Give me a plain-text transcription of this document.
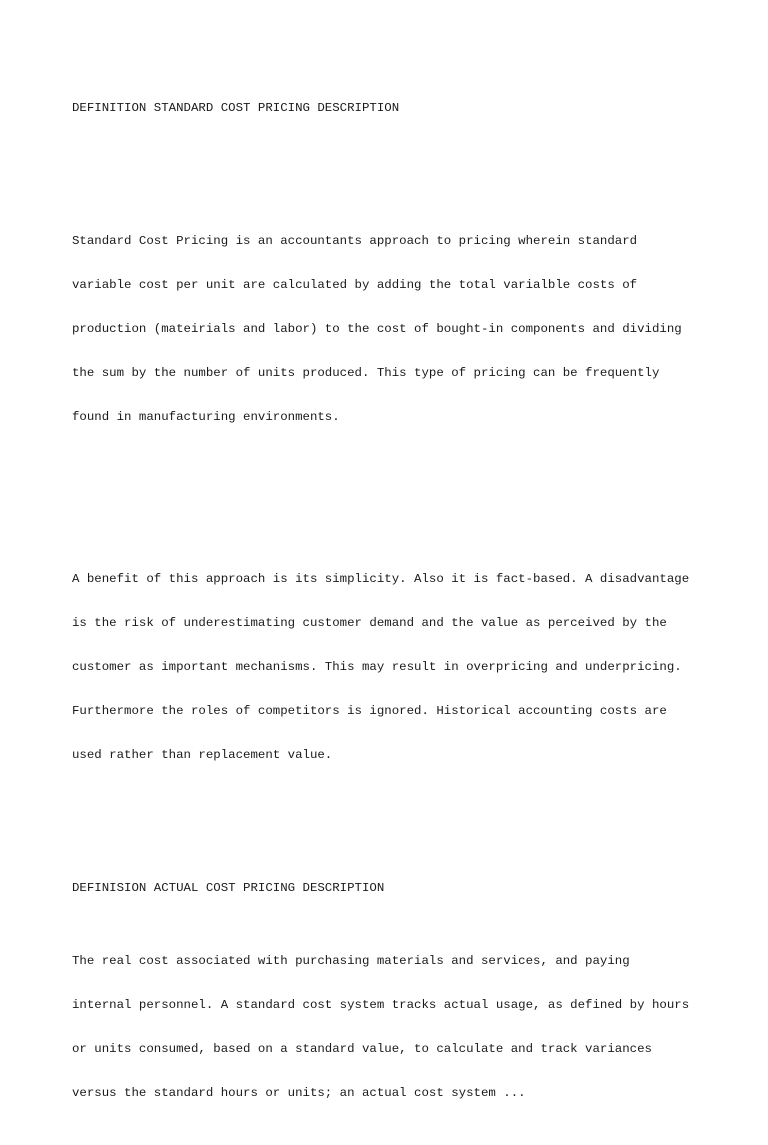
DEFINITION STANDARD COST PRICING DESCRIPTION

Standard Cost Pricing is an accountants approach to pricing wherein standard

variable cost per unit are calculated by adding the total varialble costs of

production (mateirials and labor) to the cost of bought-in components and dividing

the sum by the number of units produced. This type of pricing can be frequently

found in manufacturing environments.

A benefit of this approach is its simplicity. Also it is fact-based. A disadvantage

is the risk of underestimating customer demand and the value as perceived by the

customer as important mechanisms. This may result in overpricing and underpricing.

Furthermore the roles of competitors is ignored. Historical accounting costs are

used rather than replacement value.

DEFINISION ACTUAL COST PRICING DESCRIPTION

The real cost associated with purchasing materials and services, and paying

internal personnel. A standard cost system tracks actual usage, as defined by hours

or units consumed, based on a standard value, to calculate and track variances

versus the standard hours or units; an actual cost system ...
